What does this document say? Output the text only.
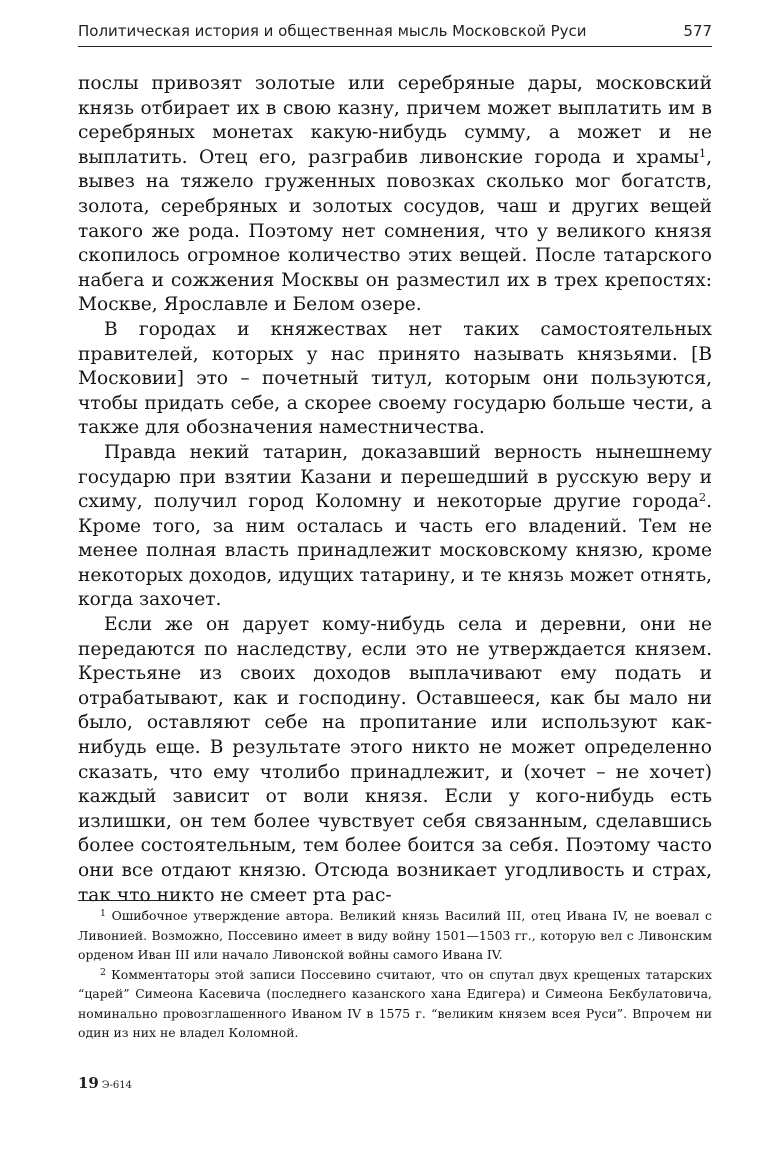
Политическая история и общественная мысль Московской Руси	577

послы привозят золотые или серебряные дары, московский князь отбирает их в свою казну, причем может выплатить им в серебряных монетах какую-нибудь сумму, а может и не выплатить. Отец его, разграбив ливонские города и храмы$^1$, вывез на тяжело груженных повозках сколько мог богатств, золота, серебряных и золотых сосудов, чаш и других вещей такого же рода. Поэтому нет сомнения, что у великого князя скопилось огромное количество этих вещей. После татарского набега и сожжения Москвы он разместил их в трех крепостях: Москве, Ярославле и Белом озере.

В городах и княжествах нет таких самостоятельных правителей, которых у нас принято называть князьями. [В Московии] это – почетный титул, которым они пользуются, чтобы придать себе, а скорее своему государю больше чести, а также для обозначения наместничества.

Правда некий татарин, доказавший верность нынешнему государю при взятии Казани и перешедший в русскую веру и схиму, получил город Коломну и некоторые другие города$^2$. Кроме того, за ним осталась и часть его владений. Тем не менее полная власть принадлежит московскому князю, кроме некоторых доходов, идущих татарину, и те князь может отнять, когда захочет.

Если же он дарует кому-нибудь села и деревни, они не передаются по наследству, если это не утверждается князем. Крестьяне из своих доходов выплачивают ему подать и отрабатывают, как и господину. Оставшееся, как бы мало ни было, оставляют себе на пропитание или используют как-нибудь еще. В результате этого никто не может определенно сказать, что ему чтолибо принадлежит, и (хочет – не хочет) каждый зависит от воли князя. Если у кого-нибудь есть излишки, он тем более чувствует себя связанным, сделавшись более состоятельным, тем более боится за себя. Поэтому часто они все отдают князю. Отсюда возникает угодливость и страх, так что никто не смеет рта рас-

$^1$ Ошибочное утверждение автора. Великий князь Василий III, отец Ивана IV, не воевал с Ливонией. Возможно, Поссевино имеет в виду войну 1501—1503 гг., которую вел с Ливонским орденом Иван III или начало Ливонской войны самого Ивана IV.

$^2$ Комментаторы этой записи Поссевино считают, что он спутал двух крещеных татарских “царей” Симеона Касевича (последнего казанского хана Едигера) и Симеона Бекбулатовича, номинально провозглашенного Иваном IV в 1575 г. “великим князем всея Руси”. Впрочем ни один из них не владел Коломной.

19 Э-614
